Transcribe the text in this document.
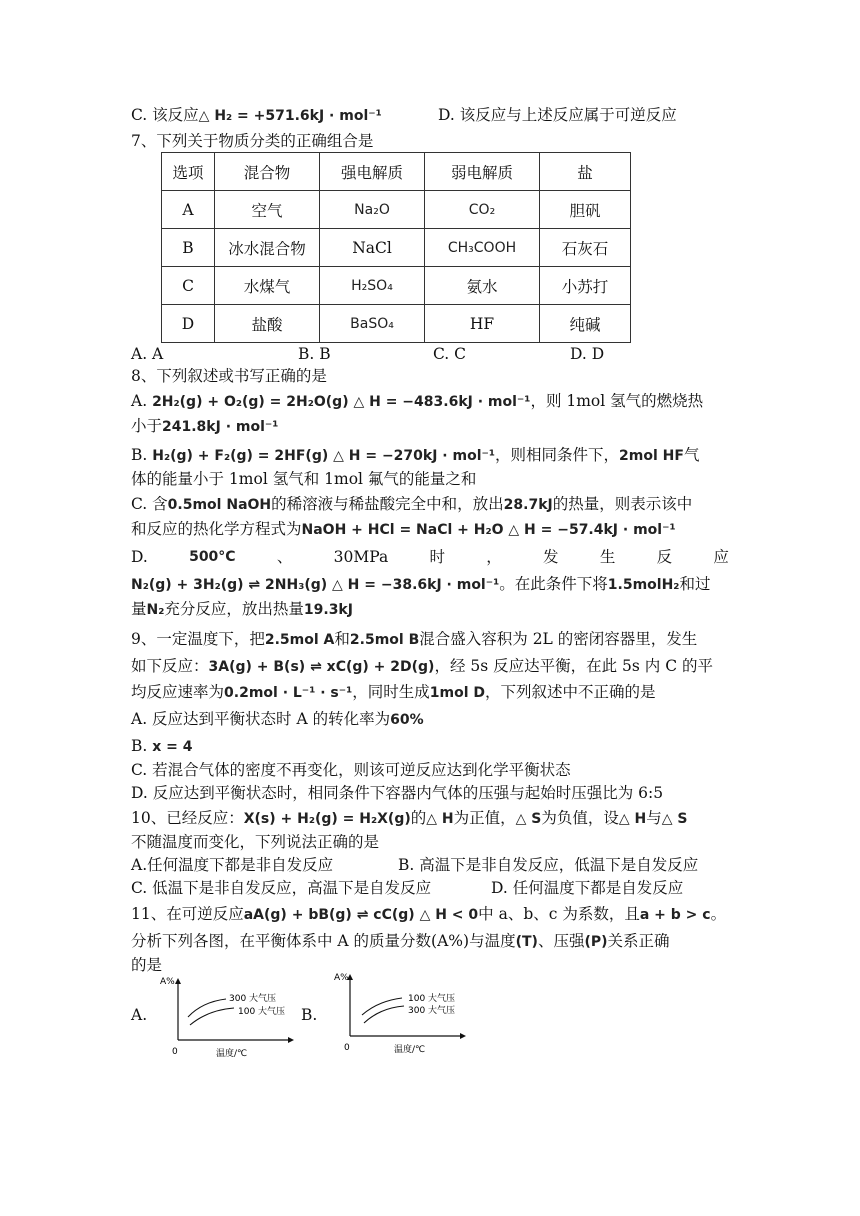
C. 该反应△ H₂ = +571.6kJ · mol⁻¹	D. 该反应与上述反应属于可逆反应
7、下列关于物质分类的正确组合是
选项	混合物	强电解质	弱电解质	盐
A	空气	Na₂O	CO₂	胆矾
B	冰水混合物	NaCl	CH₃COOH	石灰石
C	水煤气	H₂SO₄	氨水	小苏打
D	盐酸	BaSO₄	HF	纯碱
A. A	B. B	C. C	D. D
8、下列叙述或书写正确的是
A. 2H₂(g) + O₂(g) = 2H₂O(g) △ H = −483.6kJ · mol⁻¹，则 1mol 氢气的燃烧热
小于241.8kJ · mol⁻¹
B. H₂(g) + F₂(g) = 2HF(g) △ H = −270kJ · mol⁻¹，则相同条件下，2mol HF气
体的能量小于 1mol 氢气和 1mol 氟气的能量之和
C. 含0.5mol NaOH的稀溶液与稀盐酸完全中和，放出28.7kJ的热量，则表示该中
和反应的热化学方程式为NaOH + HCl = NaCl + H₂O △ H = −57.4kJ · mol⁻¹
D.	500°C	、	30MPa	时	，	发	生	反	应
N₂(g) + 3H₂(g) ⇌ 2NH₃(g) △ H = −38.6kJ · mol⁻¹。在此条件下将1.5molH₂和过
量N₂充分反应，放出热量19.3kJ
9、一定温度下，把2.5mol A和2.5mol B混合盛入容积为 2L 的密闭容器里，发生
如下反应：3A(g) + B(s) ⇌ xC(g) + 2D(g)，经 5s 反应达平衡，在此 5s 内 C 的平
均反应速率为0.2mol · L⁻¹ · s⁻¹，同时生成1mol D，下列叙述中不正确的是
A. 反应达到平衡状态时 A 的转化率为60%
B. x = 4
C. 若混合气体的密度不再变化，则该可逆反应达到化学平衡状态
D. 反应达到平衡状态时，相同条件下容器内气体的压强与起始时压强比为 6:5
10、已经反应：X(s) + H₂(g) = H₂X(g)的△ H为正值，△ S为负值，设△ H与△ S
不随温度而变化，下列说法正确的是
A.任何温度下都是非自发反应	B. 高温下是非自发反应，低温下是自发反应
C. 低温下是非自发反应，高温下是自发反应	D. 任何温度下都是自发反应
11、在可逆反应aA(g) + bB(g) ⇌ cC(g) △ H < 0中 a、b、c 为系数，且a + b > c。
分析下列各图，在平衡体系中 A 的质量分数(A%)与温度(T)、压强(P)关系正确
的是
A.
A%
300 大气压
100 大气压
0	温度/℃
B.
A%
100 大气压
300 大气压
0	温度/℃
